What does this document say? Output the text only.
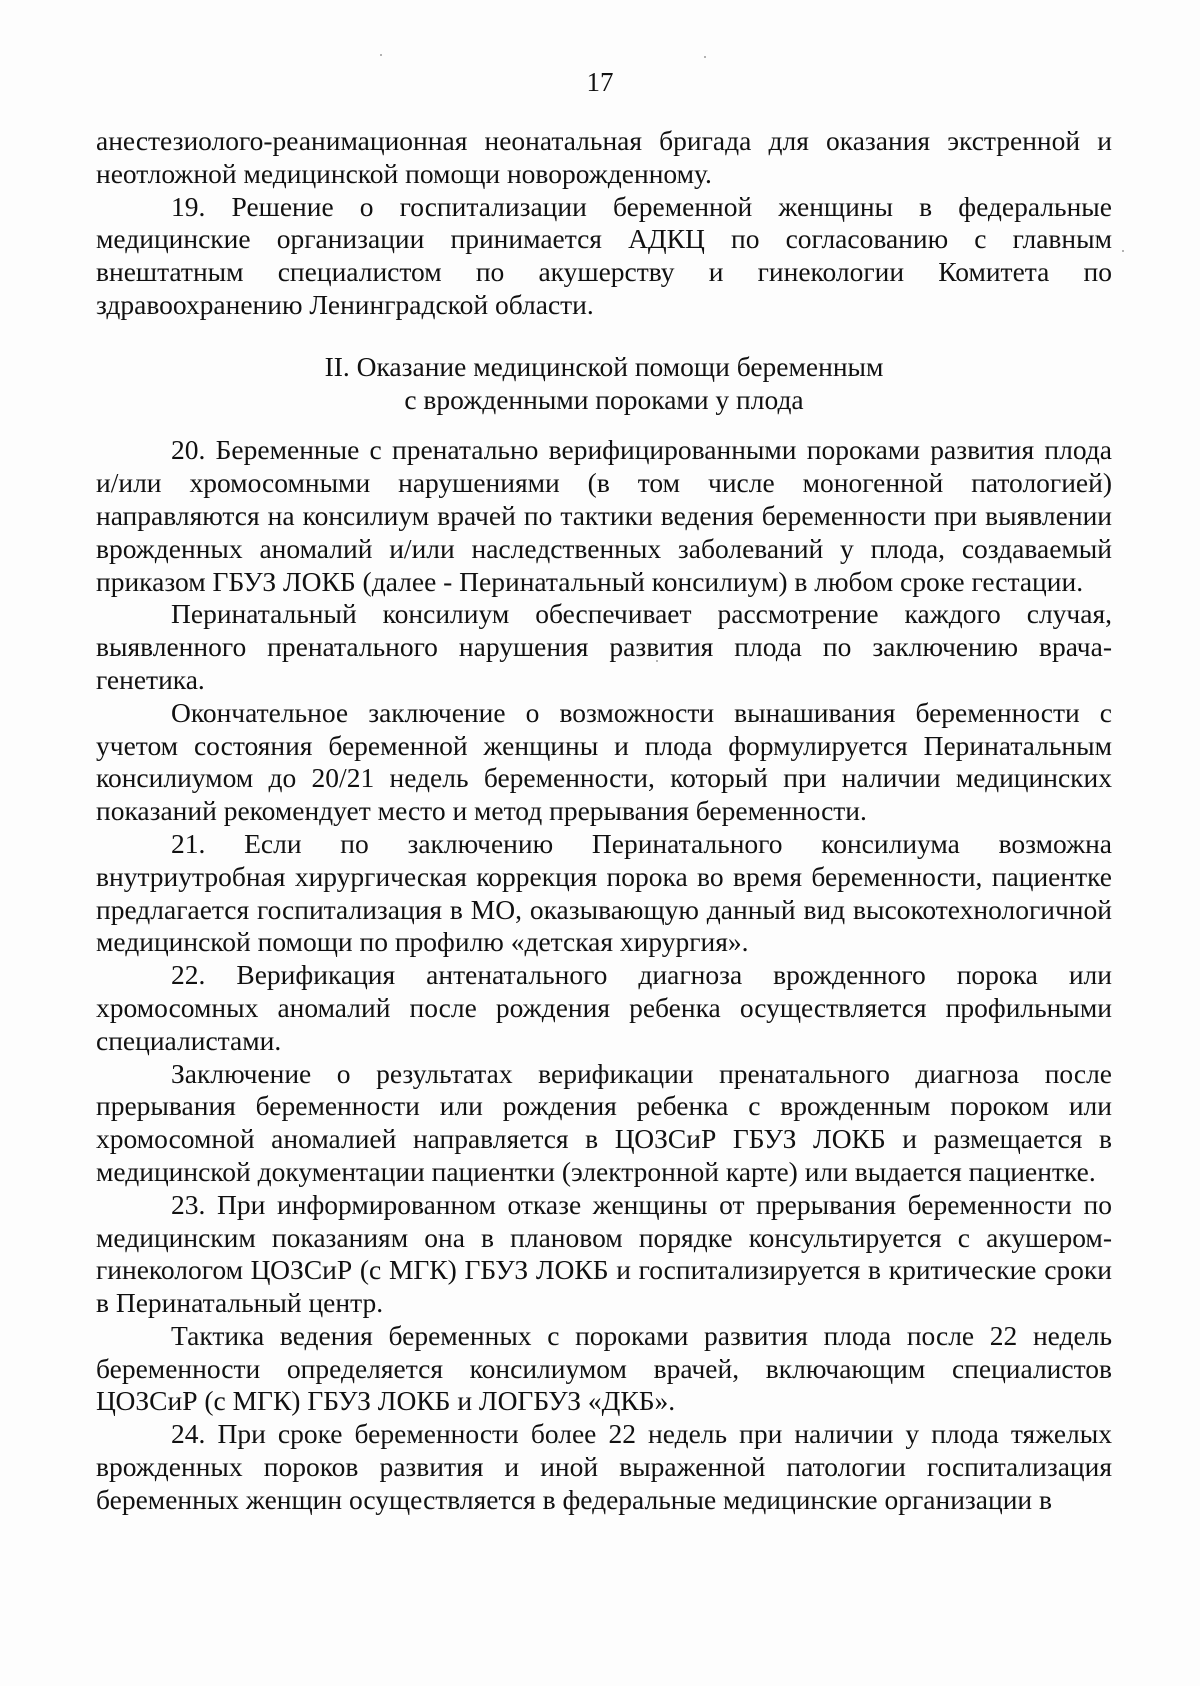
17

анестезиолого-реанимационная неонатальная бригада для оказания экстренной и неотложной медицинской помощи новорожденному.

19. Решение о госпитализации беременной женщины в федеральные медицинские организации принимается АДКЦ по согласованию с главным внештатным специалистом по акушерству и гинекологии Комитета по здравоохранению Ленинградской области.

II. Оказание медицинской помощи беременным
с врожденными пороками у плода

20. Беременные с пренатально верифицированными пороками развития плода и/или хромосомными нарушениями (в том числе моногенной патологией) направляются на консилиум врачей по тактики ведения беременности при выявлении врожденных аномалий и/или наследственных заболеваний у плода, создаваемый приказом ГБУЗ ЛОКБ (далее - Перинатальный консилиум) в любом сроке гестации.

Перинатальный консилиум обеспечивает рассмотрение каждого случая, выявленного пренатального нарушения развития плода по заключению врача-генетика.

Окончательное заключение о возможности вынашивания беременности с учетом состояния беременной женщины и плода формулируется Перинатальным консилиумом до 20/21 недель беременности, который при наличии медицинских показаний рекомендует место и метод прерывания беременности.

21. Если по заключению Перинатального консилиума возможна внутриутробная хирургическая коррекция порока во время беременности, пациентке предлагается госпитализация в МО, оказывающую данный вид высокотехнологичной медицинской помощи по профилю «детская хирургия».

22. Верификация антенатального диагноза врожденного порока или хромосомных аномалий после рождения ребенка осуществляется профильными специалистами.

Заключение о результатах верификации пренатального диагноза после прерывания беременности или рождения ребенка с врожденным пороком или хромосомной аномалией направляется в ЦОЗСиР ГБУЗ ЛОКБ и размещается в медицинской документации пациентки (электронной карте) или выдается пациентке.

23. При информированном отказе женщины от прерывания беременности по медицинским показаниям она в плановом порядке консультируется с акушером-гинекологом ЦОЗСиР (с МГК) ГБУЗ ЛОКБ и госпитализируется в критические сроки в Перинатальный центр.

Тактика ведения беременных с пороками развития плода после 22 недель беременности определяется консилиумом врачей, включающим специалистов ЦОЗСиР (с МГК) ГБУЗ ЛОКБ и ЛОГБУЗ «ДКБ».

24. При сроке беременности более 22 недель при наличии у плода тяжелых врожденных пороков развития и иной выраженной патологии госпитализация беременных женщин осуществляется в федеральные медицинские организации в
